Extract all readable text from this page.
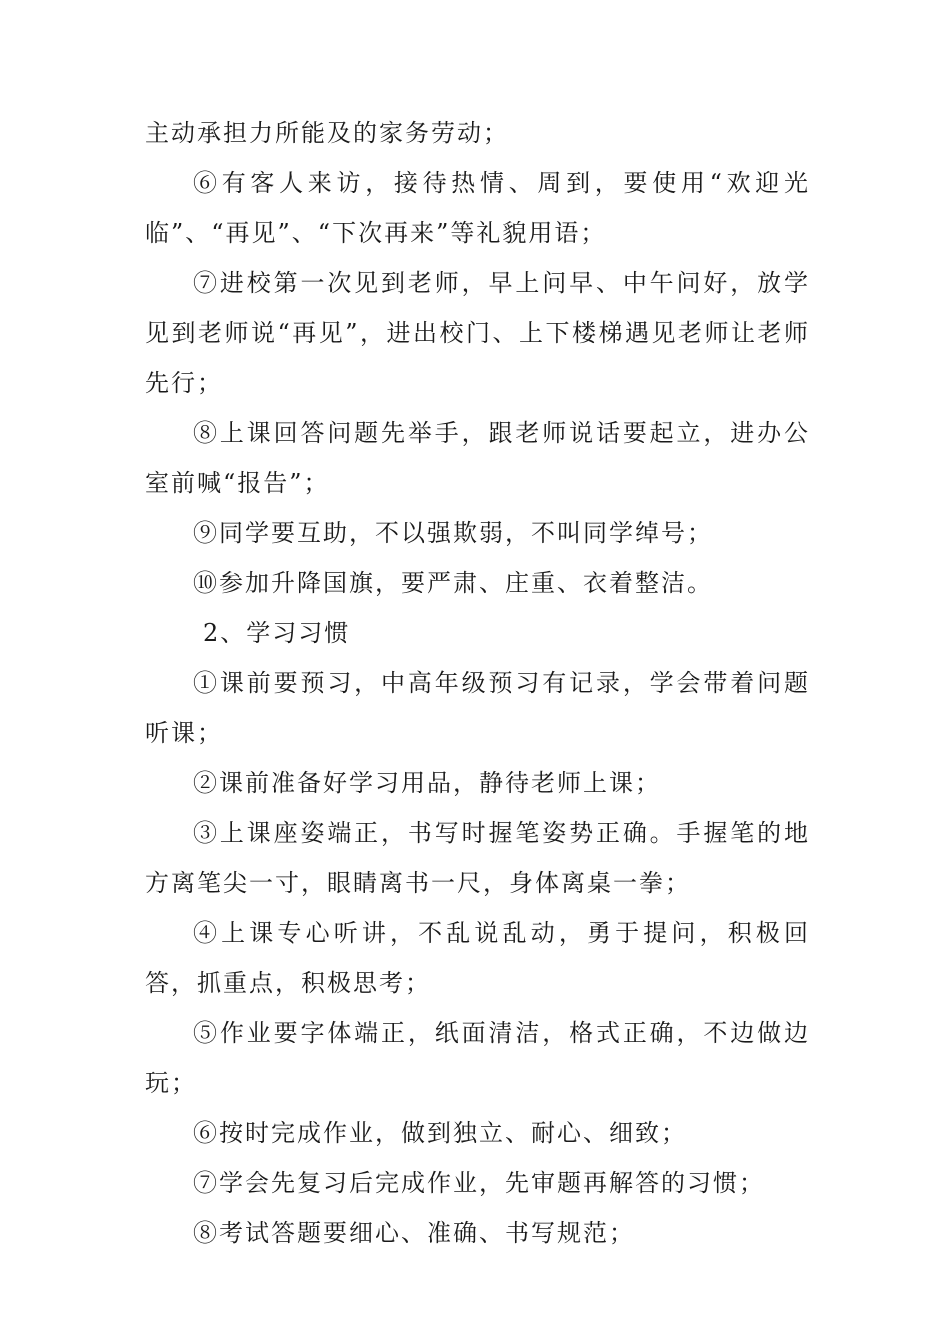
主动承担力所能及的家务劳动；

⑥有客人来访，接待热情、周到，要使用“欢迎光临”、“再见”、“下次再来”等礼貌用语；

⑦进校第一次见到老师，早上问早、中午问好，放学见到老师说“再见”，进出校门、上下楼梯遇见老师让老师先行；

⑧上课回答问题先举手，跟老师说话要起立，进办公室前喊“报告”；

⑨同学要互助，不以强欺弱，不叫同学绰号；

⑩参加升降国旗，要严肃、庄重、衣着整洁。

2、学习习惯

①课前要预习，中高年级预习有记录，学会带着问题听课；

②课前准备好学习用品，静待老师上课；

③上课座姿端正，书写时握笔姿势正确。手握笔的地方离笔尖一寸，眼睛离书一尺，身体离桌一拳；

④上课专心听讲，不乱说乱动，勇于提问，积极回答，抓重点，积极思考；

⑤作业要字体端正，纸面清洁，格式正确，不边做边玩；

⑥按时完成作业，做到独立、耐心、细致；

⑦学会先复习后完成作业，先审题再解答的习惯；

⑧考试答题要细心、准确、书写规范；
